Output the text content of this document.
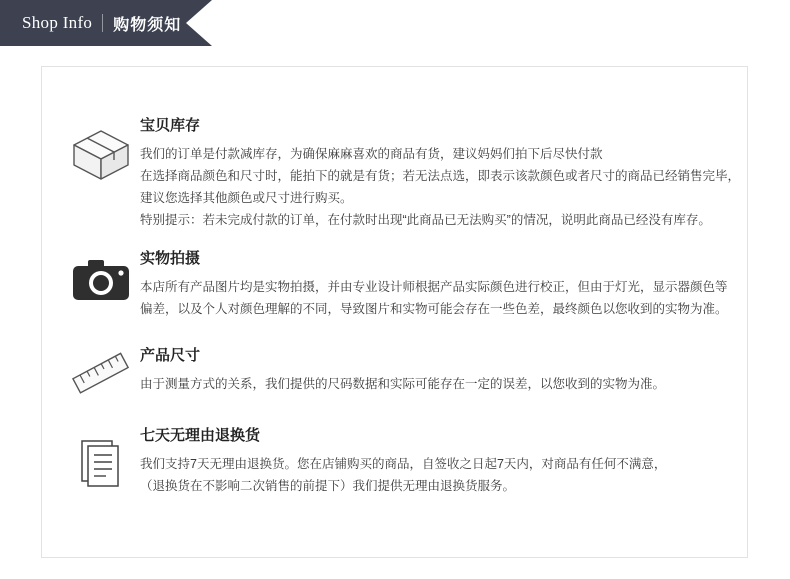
Shop Info 购物须知
宝贝库存

我们的订单是付款减库存，为确保麻麻喜欢的商品有货，建议妈妈们拍下后尽快付款

在选择商品颜色和尺寸时，能拍下的就是有货；若无法点选，即表示该款颜色或者尺寸的商品已经销售完毕，

建议您选择其他颜色或尺寸进行购买。

特别提示：若未完成付款的订单，在付款时出现“此商品已无法购买”的情况，说明此商品已经没有库存。

实物拍摄

本店所有产品图片均是实物拍摄，并由专业设计师根据产品实际颜色进行校正，但由于灯光，显示器颜色等

偏差，以及个人对颜色理解的不同，导致图片和实物可能会存在一些色差，最终颜色以您收到的实物为准。

产品尺寸

由于测量方式的关系，我们提供的尺码数据和实际可能存在一定的误差，以您收到的实物为准。

七天无理由退换货

我们支持7天无理由退换货。您在店铺购买的商品，自签收之日起7天内，对商品有任何不满意，

（退换货在不影响二次销售的前提下）我们提供无理由退换货服务。
